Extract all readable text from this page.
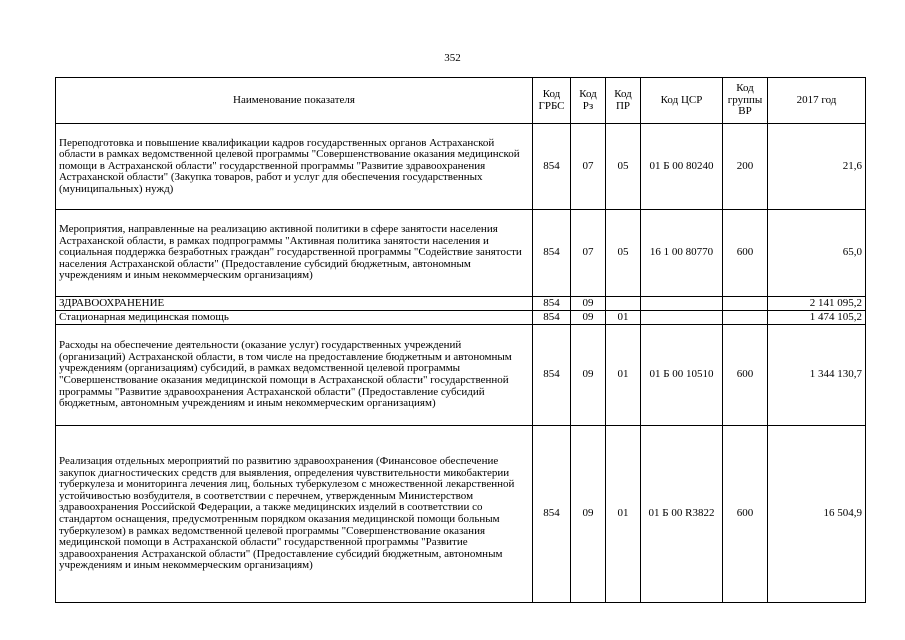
352
Наименование показателя	Код ГРБС	Код Рз	Код ПР	Код ЦСР	Код группы ВР	2017 год
Переподготовка и повышение квалификации кадров государственных органов Астраханской области в рамках ведомственной целевой программы "Совершенствование оказания медицинской помощи в Астраханской области" государственной программы "Развитие здравоохранения Астраханской области" (Закупка товаров, работ и услуг для обеспечения государственных (муниципальных) нужд)	854	07	05	01 Б 00 80240	200	21,6
Мероприятия, направленные на реализацию активной политики в сфере занятости населения Астраханской области, в рамках подпрограммы "Активная политика занятости населения и социальная поддержка безработных граждан" государственной программы "Содействие занятости населения Астраханской области" (Предоставление субсидий бюджетным, автономным учреждениям и иным некоммерческим организациям)	854	07	05	16 1 00 80770	600	65,0
ЗДРАВООХРАНЕНИЕ	854	09				2 141 095,2
Стационарная медицинская помощь	854	09	01			1 474 105,2
Расходы на обеспечение деятельности (оказание услуг) государственных учреждений (организаций) Астраханской области, в том числе на предоставление бюджетным и автономным учреждениям (организациям) субсидий, в рамках ведомственной целевой программы "Совершенствование оказания медицинской помощи в Астраханской области" государственной программы "Развитие здравоохранения Астраханской области" (Предоставление субсидий бюджетным, автономным учреждениям и иным некоммерческим организациям)	854	09	01	01 Б 00 10510	600	1 344 130,7
Реализация отдельных мероприятий по развитию здравоохранения (Финансовое обеспечение закупок диагностических средств для выявления, определения чувствительности микобактерии туберкулеза и мониторинга лечения лиц, больных туберкулезом с множественной лекарственной устойчивостью возбудителя, в соответствии с перечнем, утвержденным Министерством здравоохранения Российской Федерации, а также медицинских изделий в соответствии со стандартом оснащения, предусмотренным порядком оказания медицинской помощи больным туберкулезом) в рамках ведомственной целевой программы "Совершенствование оказания медицинской помощи в Астраханской области" государственной программы "Развитие здравоохранения Астраханской области" (Предоставление субсидий бюджетным, автономным учреждениям и иным некоммерческим организациям)	854	09	01	01 Б 00 R3822	600	16 504,9
